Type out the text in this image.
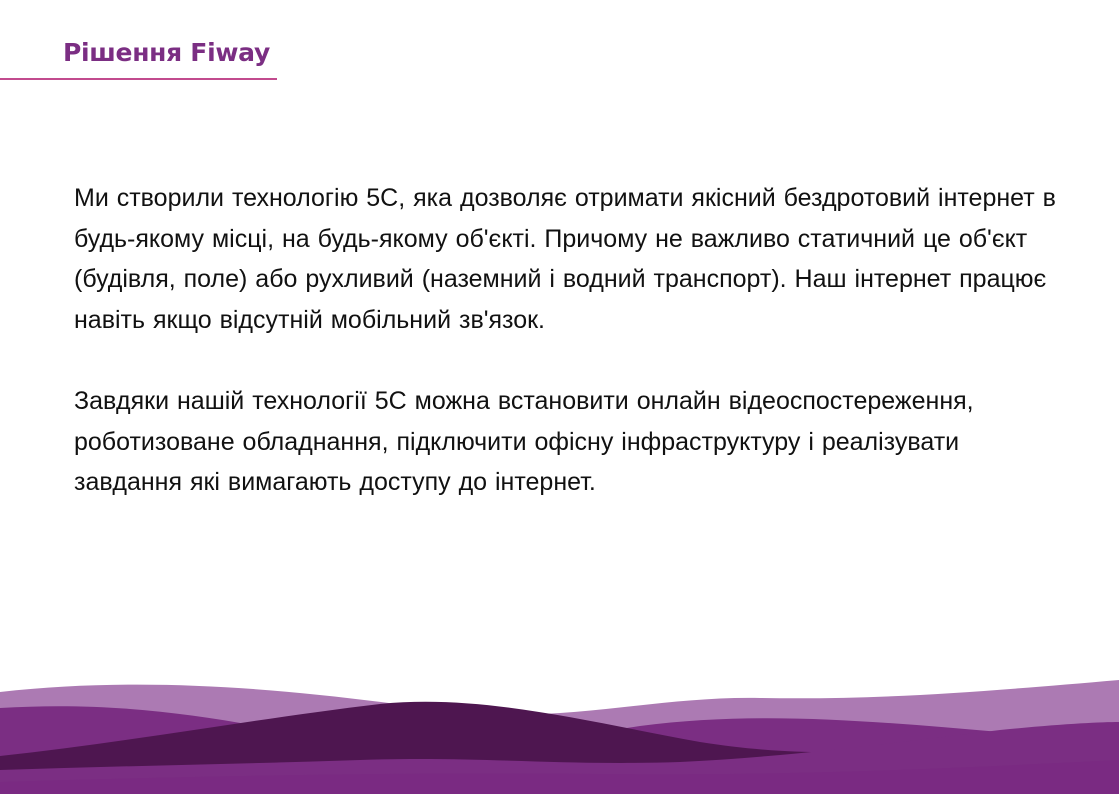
Рішення Fiway

Ми створили технологію 5С, яка дозволяє отримати якісний бездротовий інтернет в будь-якому місці, на будь-якому об'єкті. Причому не важливо статичний це об'єкт (будівля, поле) або рухливий (наземний і водний транспорт). Наш інтернет працює навіть якщо відсутній мобільний зв'язок.

Завдяки нашій технології 5С можна встановити онлайн відеоспостереження, роботизоване обладнання, підключити офісну інфраструктуру і реалізувати завдання які вимагають доступу до інтернет.
